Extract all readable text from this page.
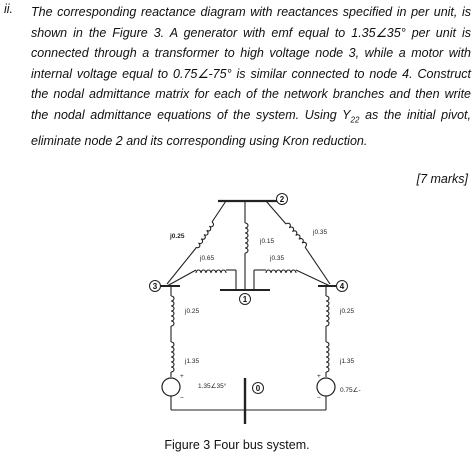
ii. The corresponding reactance diagram with reactances specified in per unit, is shown in the Figure 3. A generator with emf equal to 1.35∠35° per unit is connected through a transformer to high voltage node 3, while a motor with internal voltage equal to 0.75∠-75° is similar connected to node 4. Construct the nodal admittance matrix for each of the network branches and then write the nodal admittance equations of the system. Using $Y_{22}$ as the initial pivot, eliminate node 2 and its corresponding using Kron reduction.
[7 marks]
2
j0.25
j0.15
j0.35
1
j0.65	j0.35
3	4
j0.25
j1.35
+
−
1.35∠35°
j0.25
j1.35
+
−
0.75∠-
0
Figure 3 Four bus system.
